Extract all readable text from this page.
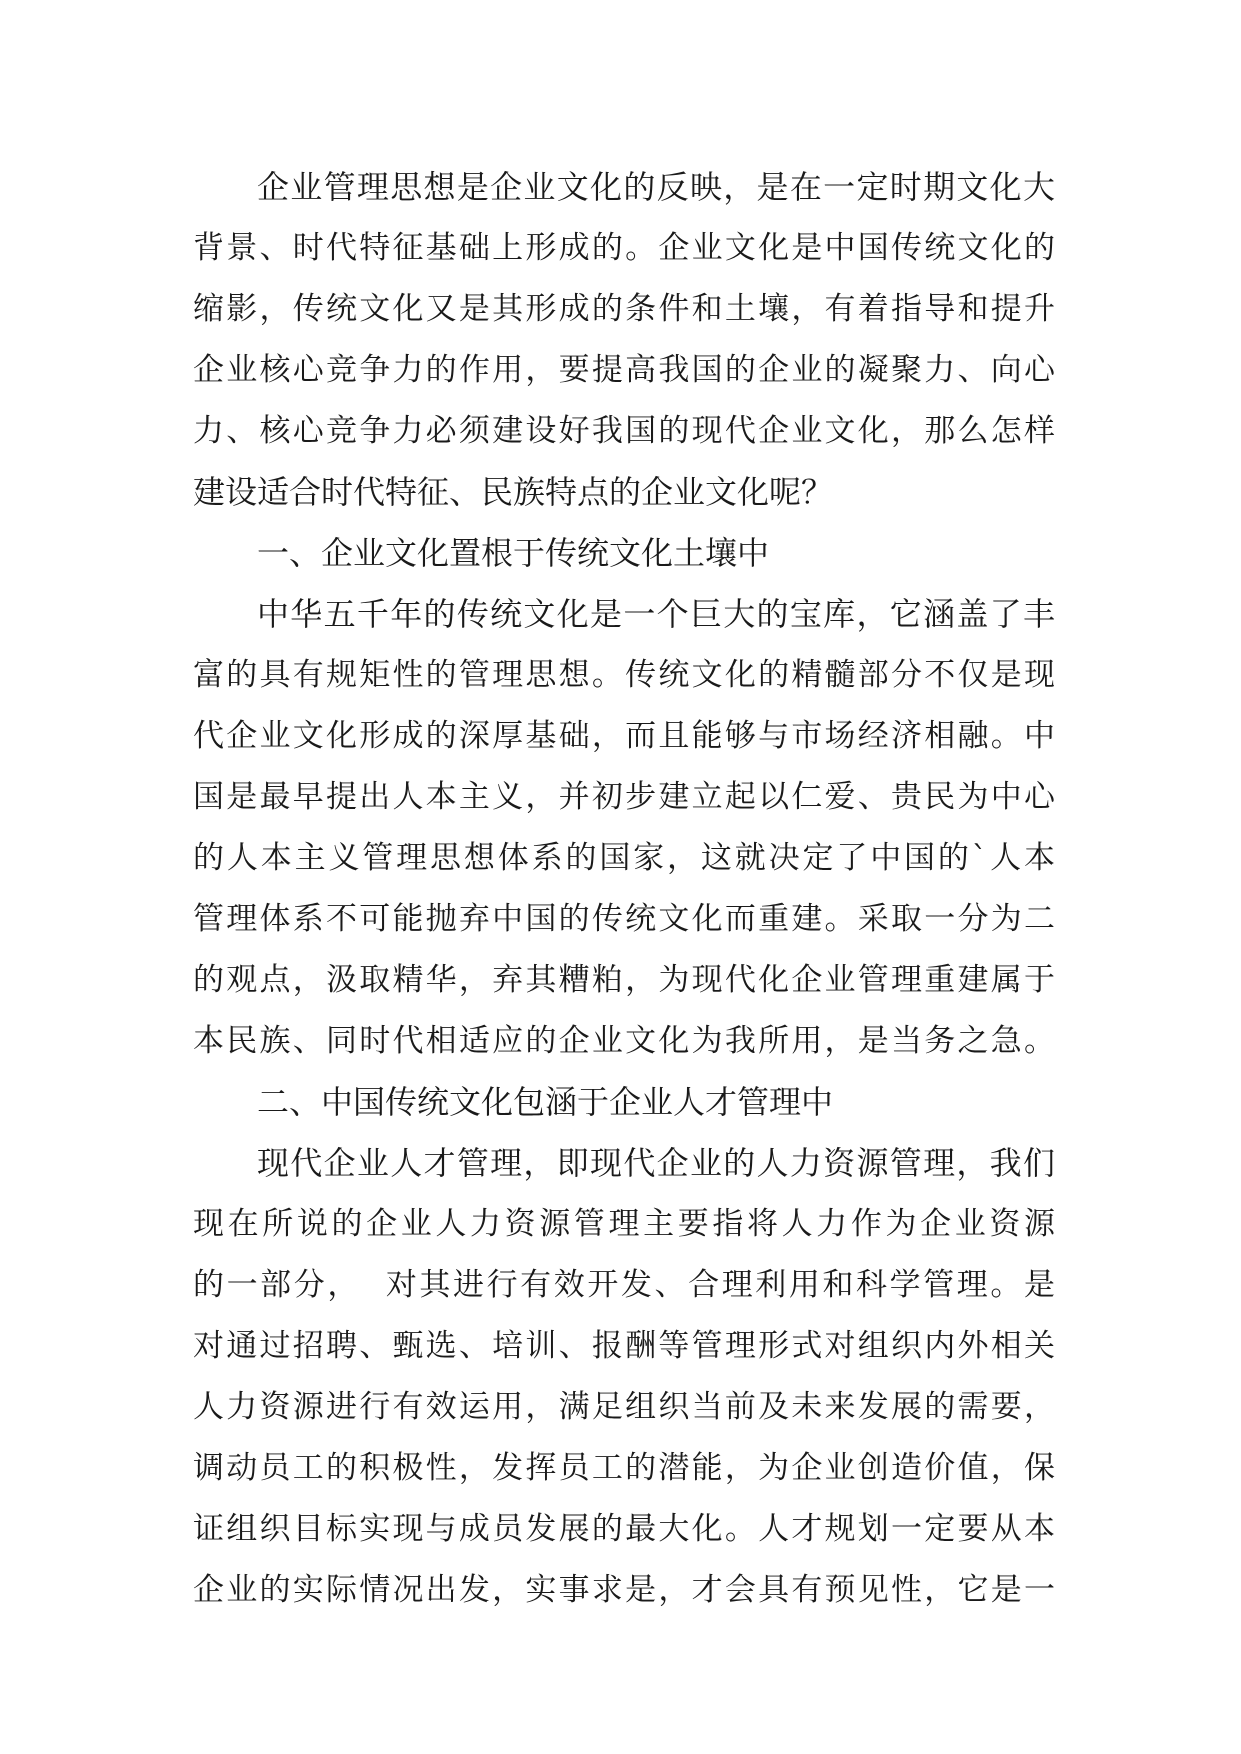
企业管理思想是企业文化的反映，是在一定时期文化大
背景、时代特征基础上形成的。企业文化是中国传统文化的
缩影，传统文化又是其形成的条件和土壤，有着指导和提升
企业核心竞争力的作用，要提高我国的企业的凝聚力、向心
力、核心竞争力必须建设好我国的现代企业文化，那么怎样
建设适合时代特征、民族特点的企业文化呢？
一、企业文化置根于传统文化土壤中
中华五千年的传统文化是一个巨大的宝库，它涵盖了丰
富的具有规矩性的管理思想。传统文化的精髓部分不仅是现
代企业文化形成的深厚基础，而且能够与市场经济相融。中
国是最早提出人本主义，并初步建立起以仁爱、贵民为中心
的人本主义管理思想体系的国家，这就决定了中国的`人本
管理体系不可能抛弃中国的传统文化而重建。采取一分为二
的观点，汲取精华，弃其糟粕，为现代化企业管理重建属于
本民族、同时代相适应的企业文化为我所用，是当务之急。
二、中国传统文化包涵于企业人才管理中
现代企业人才管理，即现代企业的人力资源管理，我们
现在所说的企业人力资源管理主要指将人力作为企业资源
的一部分，  对其进行有效开发、合理利用和科学管理。是
对通过招聘、甄选、培训、报酬等管理形式对组织内外相关
人力资源进行有效运用，满足组织当前及未来发展的需要，
调动员工的积极性，发挥员工的潜能，为企业创造价值，保
证组织目标实现与成员发展的最大化。人才规划一定要从本
企业的实际情况出发，实事求是，才会具有预见性，它是一
